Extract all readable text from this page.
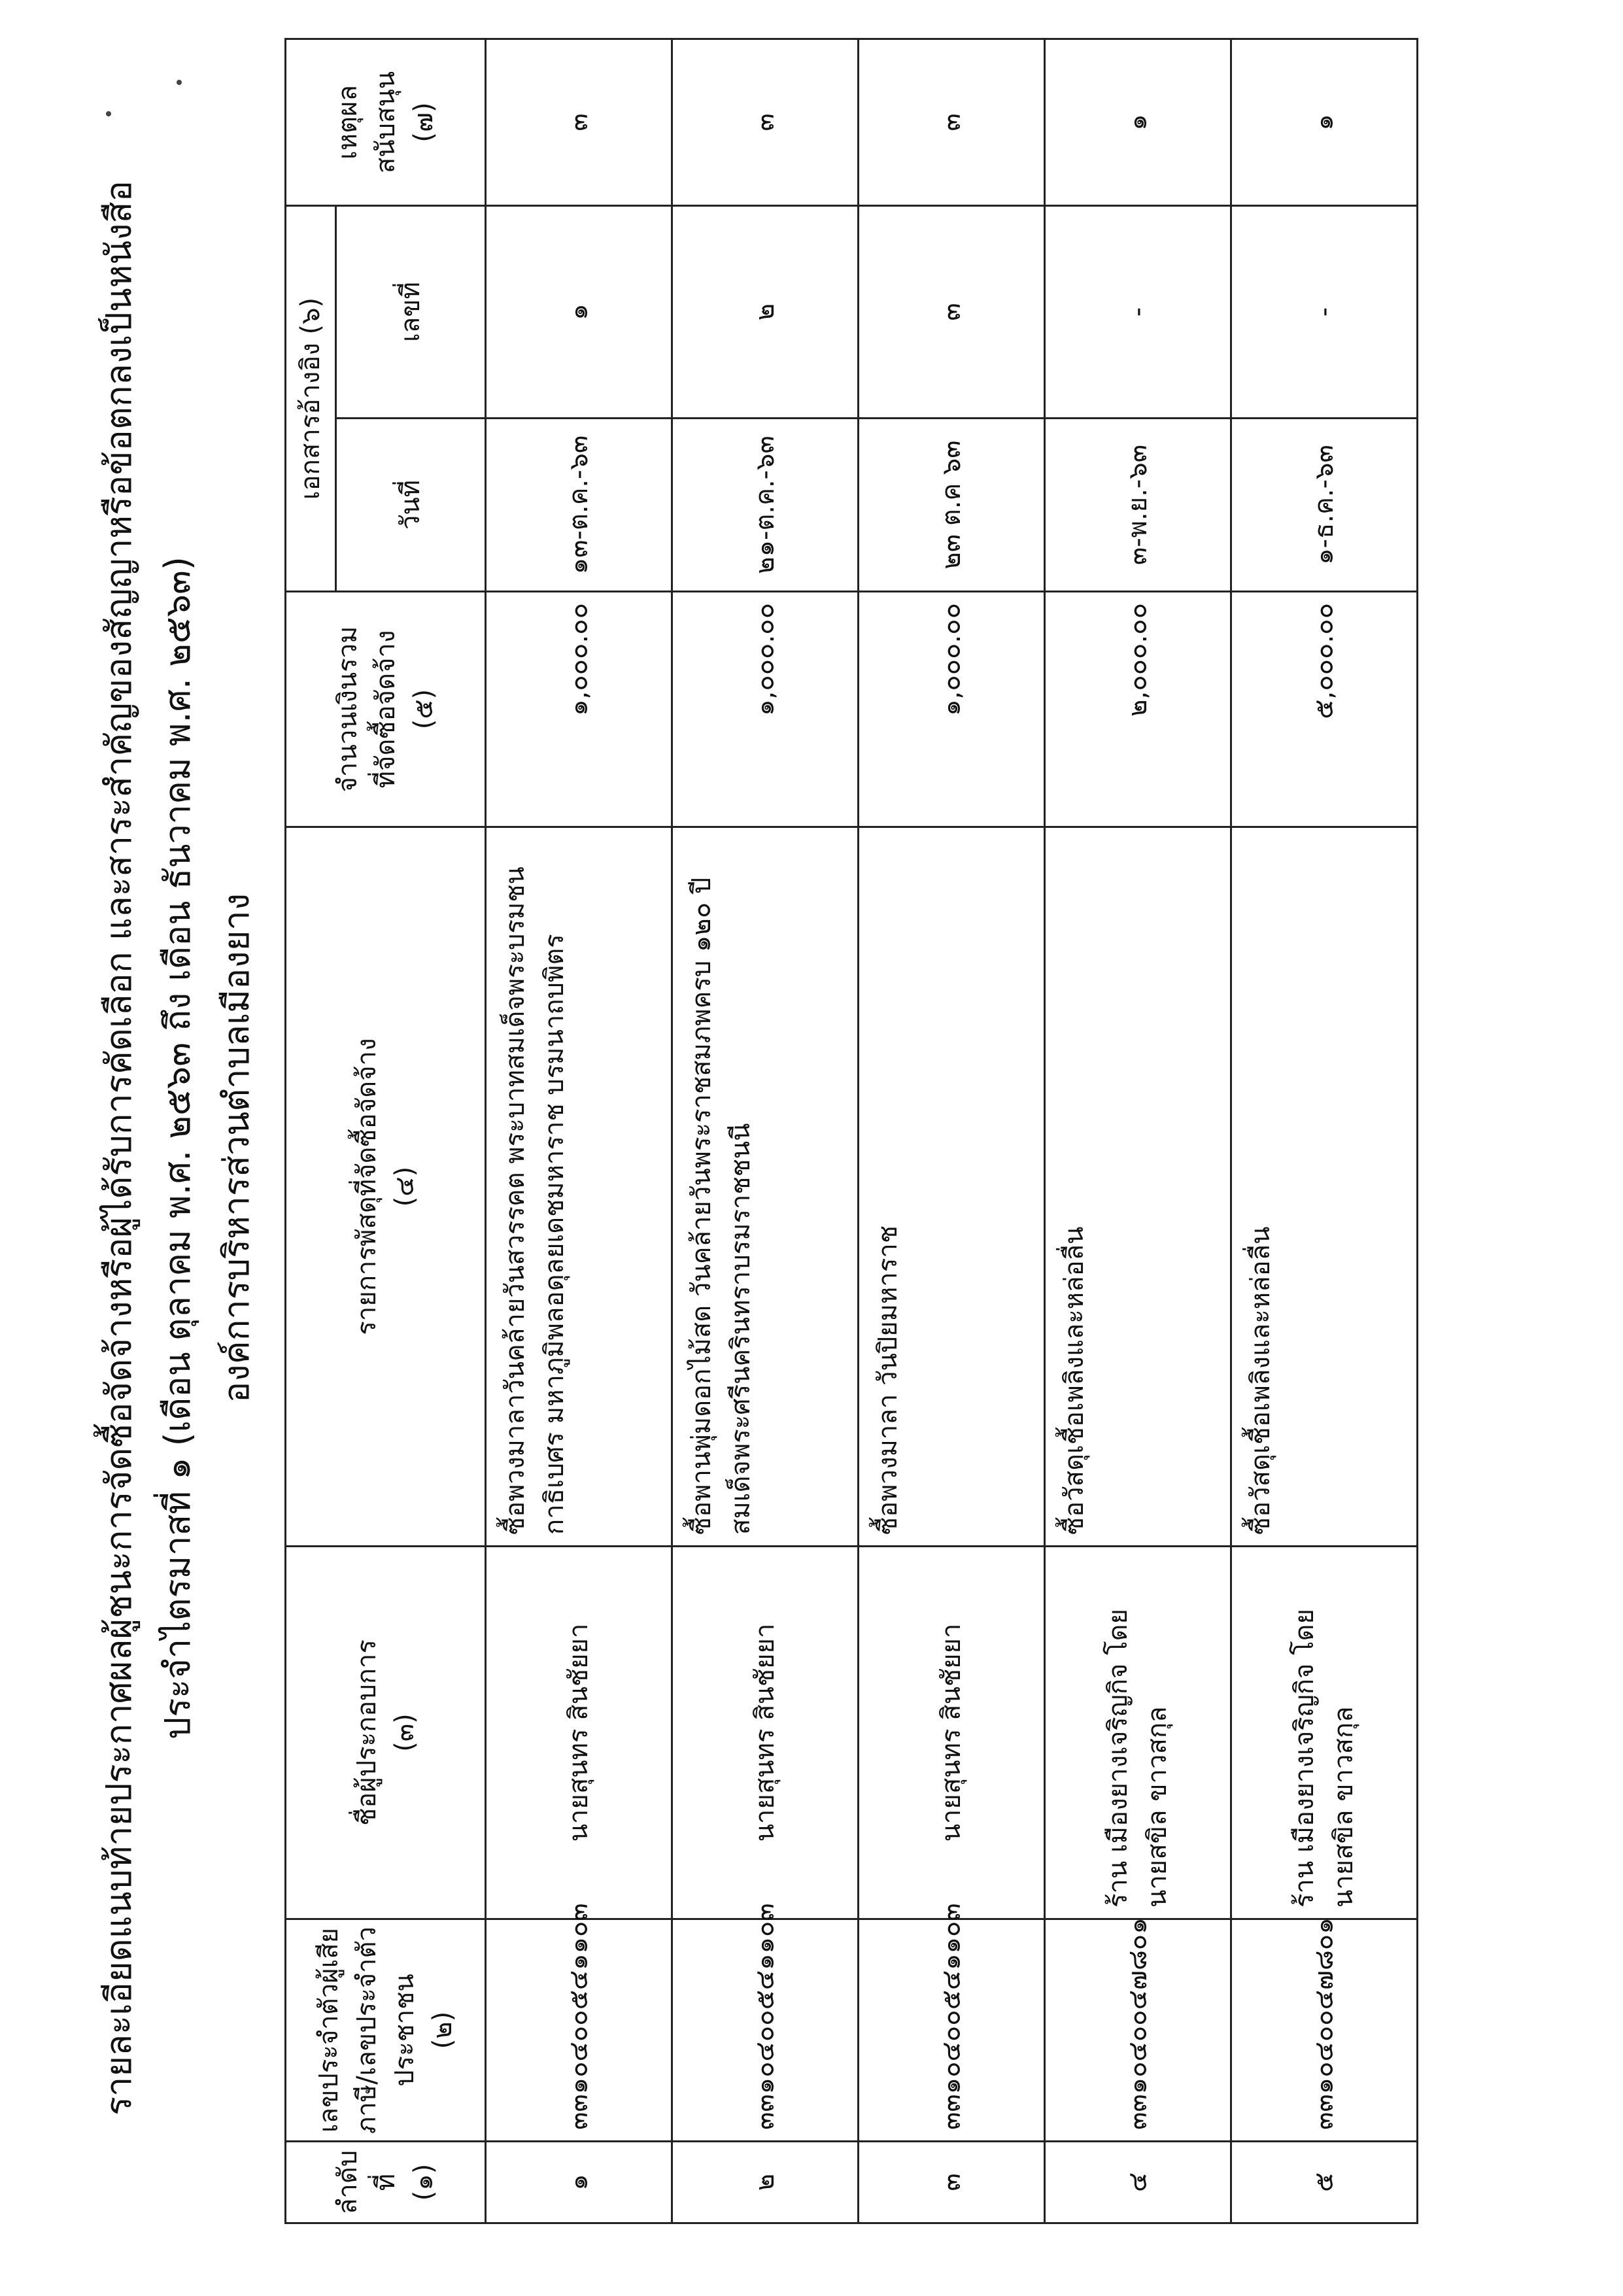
รายละเอียดแนบท้ายประกาศผลผู้ชนะการจัดซื้อจัดจ้างหรือผู้ได้รับการคัดเลือก และสาระสำคัญของสัญญาหรือข้อตกลงเป็นหนังสือ ประจำไตรมาสที่ ๑ (เดือน ตุลาคม พ.ศ. ๒๕๖๓ ถึง เดือน ธันวาคม พ.ศ. ๒๕๖๓) องค์การบริหารส่วนตำบลเมืองยาง
ลำดับที่ (๑)	เลขประจำตัวผู้เสีย ภาษี/เลขประจำตัว ประชาชน (๒)	ชื่อผู้ประกอบการ (๓)	รายการพัสดุที่จัดซื้อจัดจ้าง (๔)	จำนวนเงินรวม ที่จัดซื้อจัดจ้าง (๕)	เอกสารอ้างอิง (๖)		เหตุผล สนับสนุน (๗)

					วันที่	เลขที่	
๑	๓๓๑๐๔๐๐๕๔๑๑๐๓	นายสุนทร สินชัยยา	ซื้อพวงมาลาวันคล้ายวันสวรรคต พระบาทสมเด็จพระบรมชนกาธิเบศร มหาภูมิพลอดุลยเดชมหาราช บรมนาถบพิตร	๑,๐๐๐.๐๐	๑๓-ต.ค.-๖๓	๑	๓
๒	๓๓๑๐๔๐๐๕๔๑๑๐๓	นายสุนทร สินชัยยา	ซื้อพานพุ่มดอกไม้สด วันคล้ายวันพระราชสมภพครบ ๑๒๐ ปี สมเด็จพระศรีนครินทราบรมราชชนนี	๑,๐๐๐.๐๐	๒๑-ต.ค.-๖๓	๒	๓
๓	๓๓๑๐๔๐๐๕๔๑๑๐๓	นายสุนทร สินชัยยา	ซื้อพวงมาลา วันปิยมหาราช	๑,๐๐๐.๐๐	๒๓ ต.ค ๖๓	๓	๓
๔	๓๓๑๐๔๐๐๔๗๘๐๑	ร้าน เมืองยางเจริญกิจ โดย นายสขิล ขาวสกุล	ซื้อวัสดุเชื้อเพลิงและหล่อลื่น	๒,๐๐๐.๐๐	๓-พ.ย.-๖๓	-	๑
๕	๓๓๑๐๔๐๐๔๗๘๐๑	ร้าน เมืองยางเจริญกิจ โดย นายสขิล ขาวสกุล	ซื้อวัสดุเชื้อเพลิงและหล่อลื่น	๕,๐๐๐.๐๐	๑-ธ.ค.-๖๓	-	๑
